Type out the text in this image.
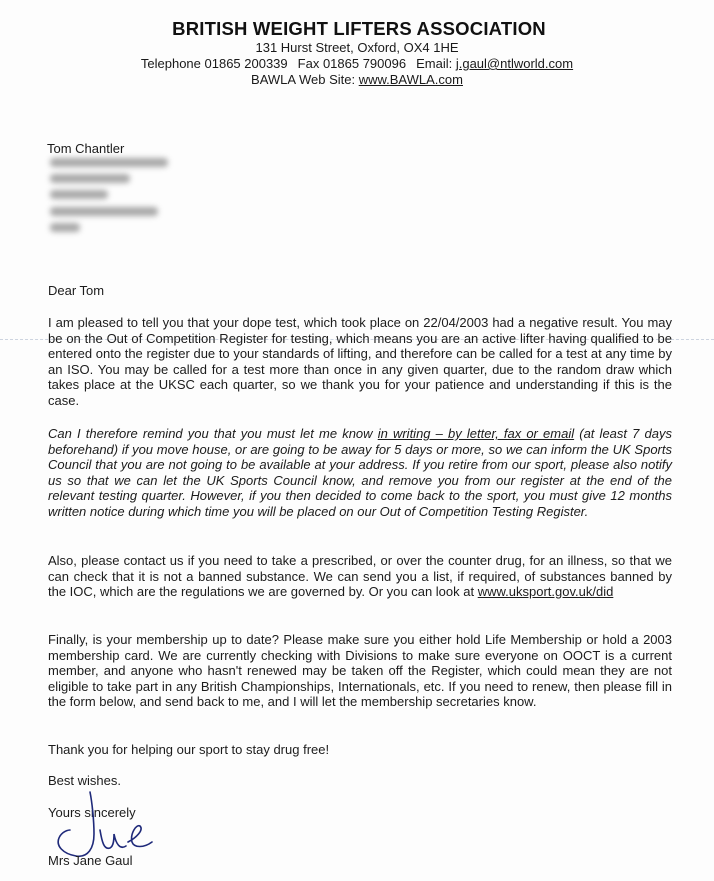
BRITISH WEIGHT LIFTERS ASSOCIATION
131 Hurst Street, Oxford, OX4 1HE
Telephone 01865 200339 Fax 01865 790096 Email: j.gaul@ntlworld.com
BAWLA Web Site: www.BAWLA.com
Tom Chantler
Dear Tom
I am pleased to tell you that your dope test, which took place on 22/04/2003 had a negative result. You may be on the Out of Competition Register for testing, which means you are an active lifter having qualified to be entered onto the register due to your standards of lifting, and therefore can be called for a test at any time by an ISO. You may be called for a test more than once in any given quarter, due to the random draw which takes place at the UKSC each quarter, so we thank you for your patience and understanding if this is the case.
Can I therefore remind you that you must let me know in writing – by letter, fax or email (at least 7 days beforehand) if you move house, or are going to be away for 5 days or more, so we can inform the UK Sports Council that you are not going to be available at your address. If you retire from our sport, please also notify us so that we can let the UK Sports Council know, and remove you from our register at the end of the relevant testing quarter. However, if you then decided to come back to the sport, you must give 12 months written notice during which time you will be placed on our Out of Competition Testing Register.
Also, please contact us if you need to take a prescribed, or over the counter drug, for an illness, so that we can check that it is not a banned substance. We can send you a list, if required, of substances banned by the IOC, which are the regulations we are governed by. Or you can look at www.uksport.gov.uk/did
Finally, is your membership up to date? Please make sure you either hold Life Membership or hold a 2003 membership card. We are currently checking with Divisions to make sure everyone on OOCT is a current member, and anyone who hasn't renewed may be taken off the Register, which could mean they are not eligible to take part in any British Championships, Internationals, etc. If you need to renew, then please fill in the form below, and send back to me, and I will let the membership secretaries know.
Thank you for helping our sport to stay drug free!
Best wishes.
Yours sincerely
Mrs Jane Gaul
